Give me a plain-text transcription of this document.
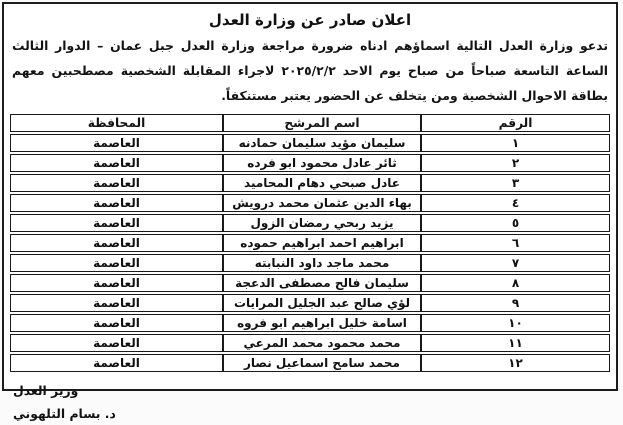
اعلان صادر عن وزارة العدل
تدعو وزارة العدل التالية اسماؤهم ادناه ضرورة مراجعة وزارة العدل جبل عمان – الدوار الثالث الساعة التاسعة صباحاً من صباح يوم الاحد ٢٠٢٥/٢/٢ لاجراء المقابلة الشخصية مصطحبين معهم بطاقة الاحوال الشخصية ومن يتخلف عن الحضور يعتبر مستنكفاً.
الرقم	اسم المرشح	المحافظة
١	سليمان مؤيد سليمان حمادنه	العاصمة
٢	ثائر عادل محمود ابو فرده	العاصمة
٣	عادل صبحي دهام المحاميد	العاصمة
٤	بهاء الدين عثمان محمد درويش	العاصمة
٥	يزيد ربحي رمضان الزول	العاصمة
٦	ابراهيم احمد ابراهيم حموده	العاصمة
٧	محمد ماجد داود النبابته	العاصمة
٨	سليمان فالح مصطفى الدعجة	العاصمة
٩	لؤي صالح عبد الجليل المرايات	العاصمة
١٠	اسامة خليل ابراهيم ابو فروه	العاصمة
١١	محمد محمود محمد المرعي	العاصمة
١٢	محمد سامح اسماعيل نصار	العاصمة
وزير العدل
د. بسام التلهوني
